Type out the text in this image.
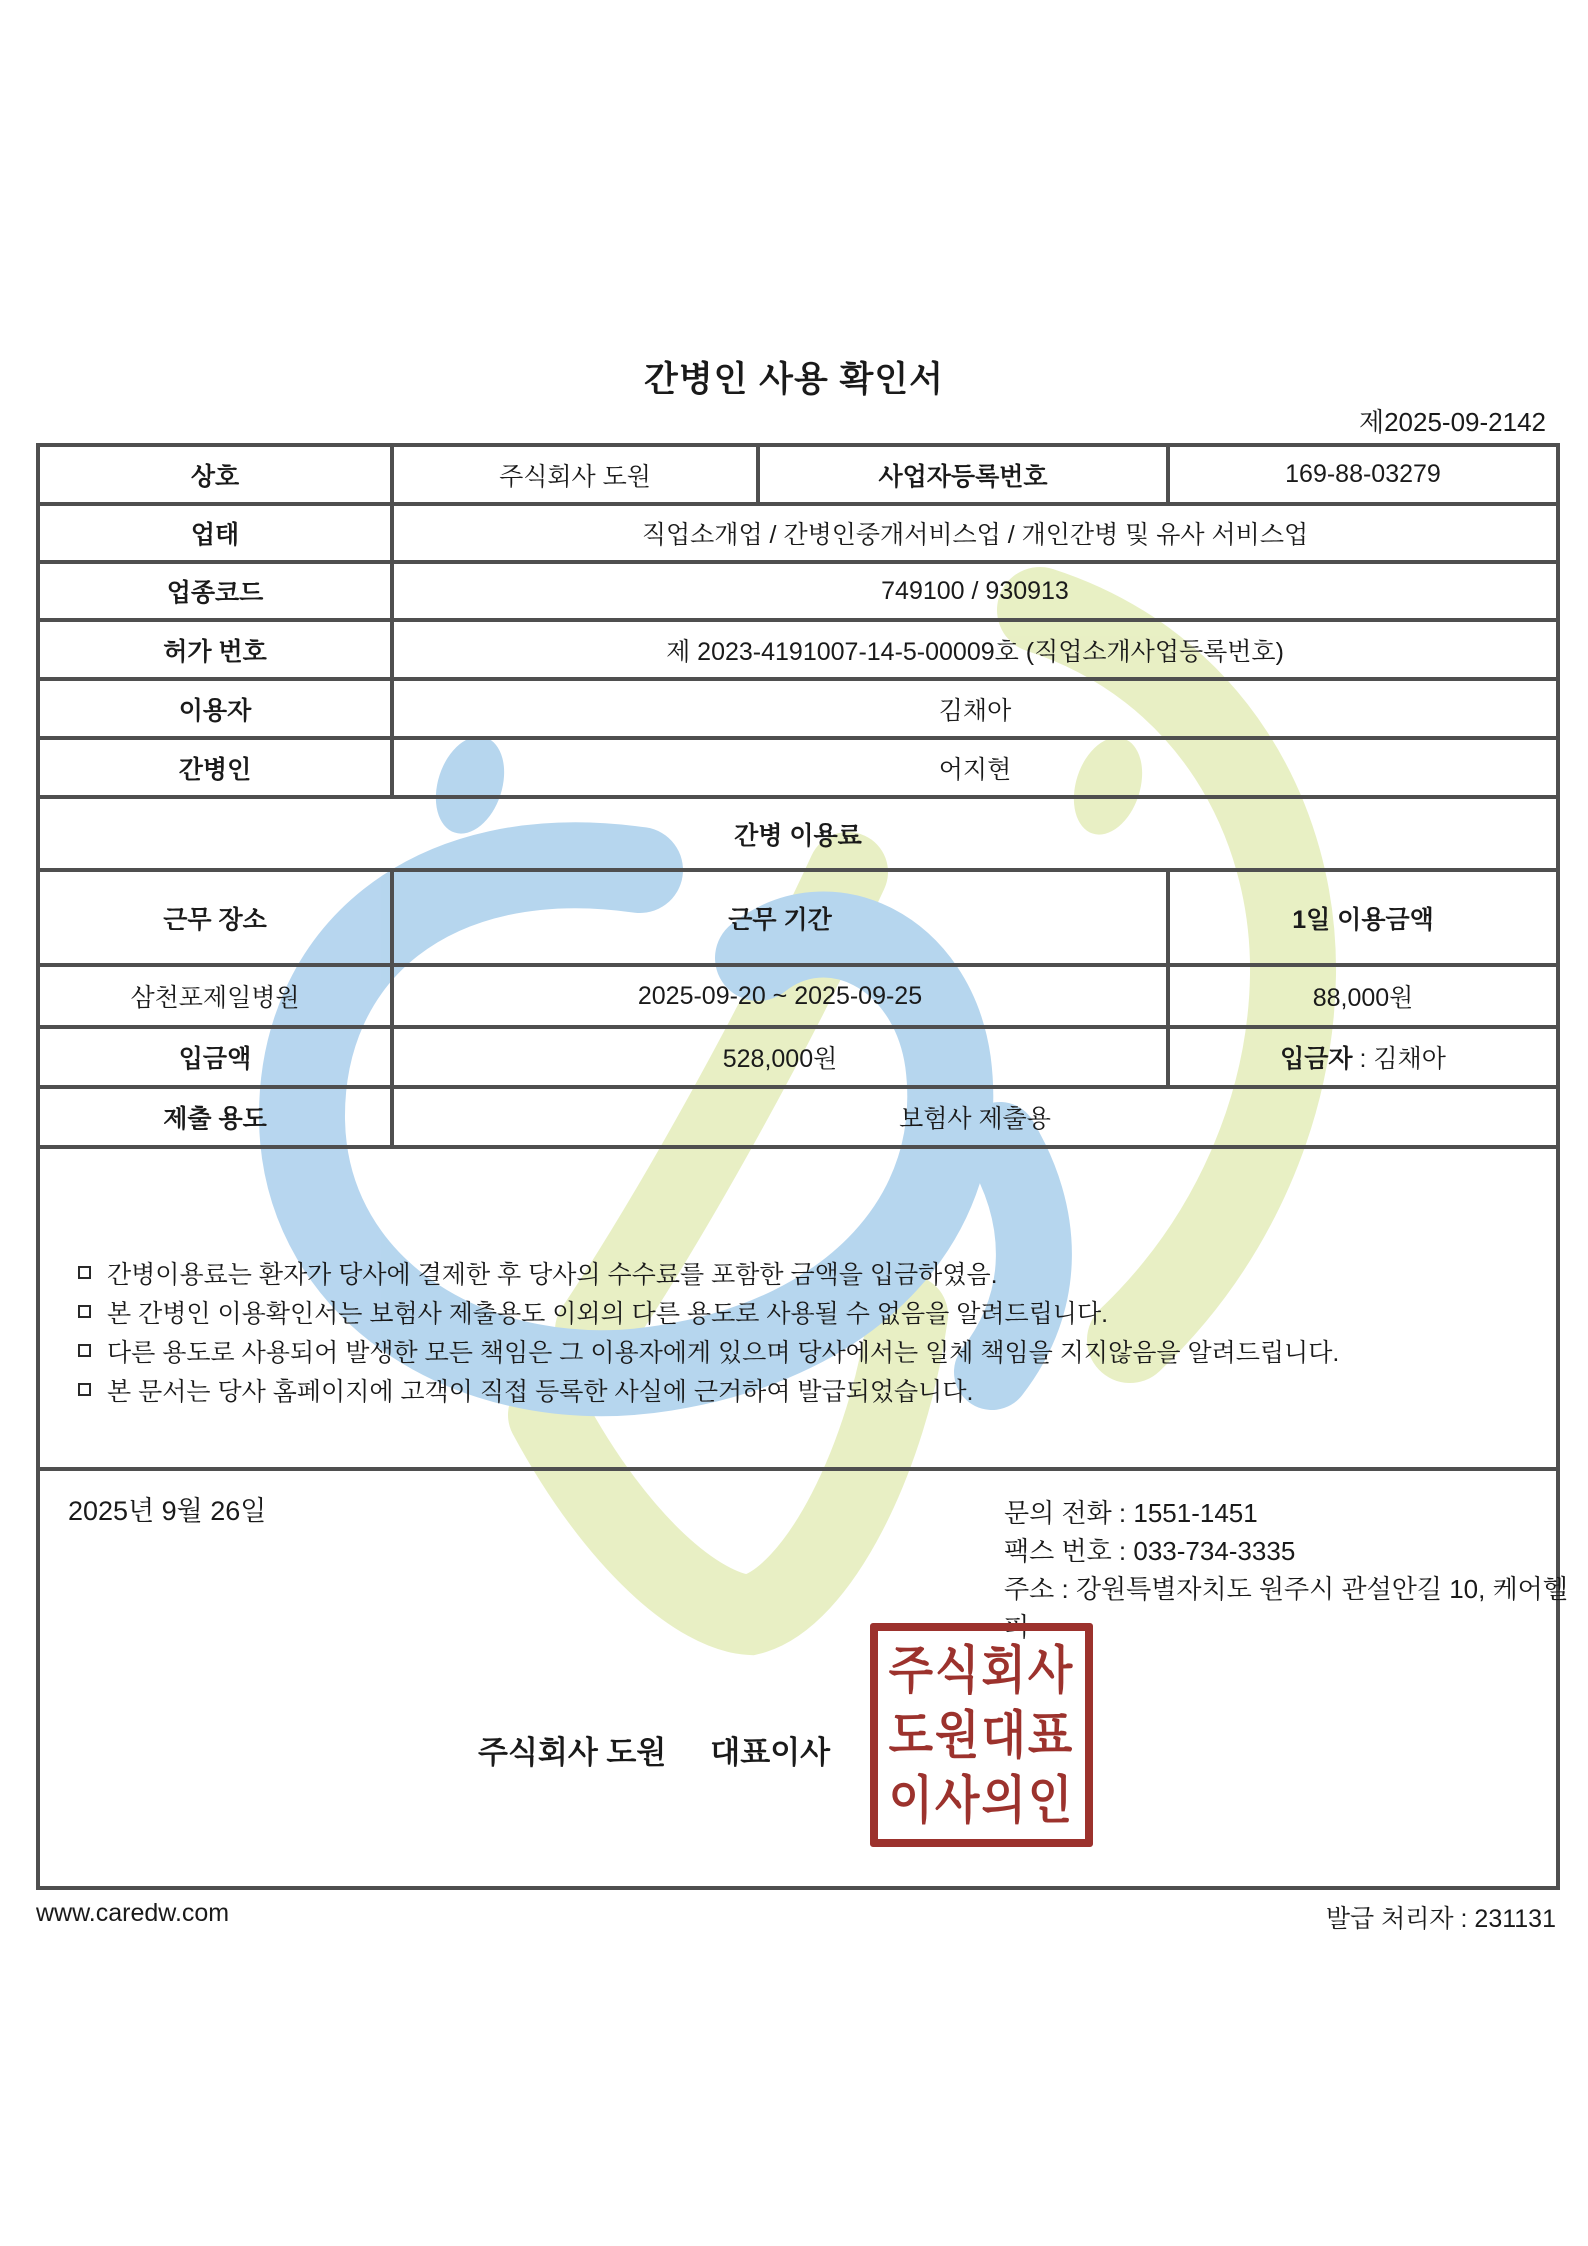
간병인 사용 확인서
제2025-09-2142
상호	주식회사 도원	사업자등록번호	169-88-03279
업태	직업소개업 / 간병인중개서비스업 / 개인간병 및 유사 서비스업		
업종코드	749100 / 930913		
허가 번호	제 2023-4191007-14-5-00009호 (직업소개사업등록번호)		
이용자	김채아		
간병인	어지현		
간병 이용료			
근무 장소	근무 기간		1일 이용금액
삼천포제일병원	2025-09-20 ~ 2025-09-25		88,000원
입금액	528,000원		입금자 : 김채아
제출 용도	보험사 제출용		

간병이용료는 환자가 당사에 결제한 후 당사의 수수료를 포함한 금액을 입금하였음.
본 간병인 이용확인서는 보험사 제출용도 이외의 다른 용도로 사용될 수 없음을 알려드립니다.
다른 용도로 사용되어 발생한 모든 책임은 그 이용자에게 있으며 당사에서는 일체 책임을 지지않음을 알려드립니다.
본 문서는 당사 홈페이지에 고객이 직접 등록한 사실에 근거하여 발급되었습니다.			

2025년 9월 26일	문의 전화 : 1551-1451
팩스 번호 : 033-734-3335
주소 : 강원특별자치도 원주시 관설안길 10, 케어헬퍼
주식회사 도원 대표이사
주식회사
도원대표
이사의인
www.caredw.com	발급 처리자 : 231131
